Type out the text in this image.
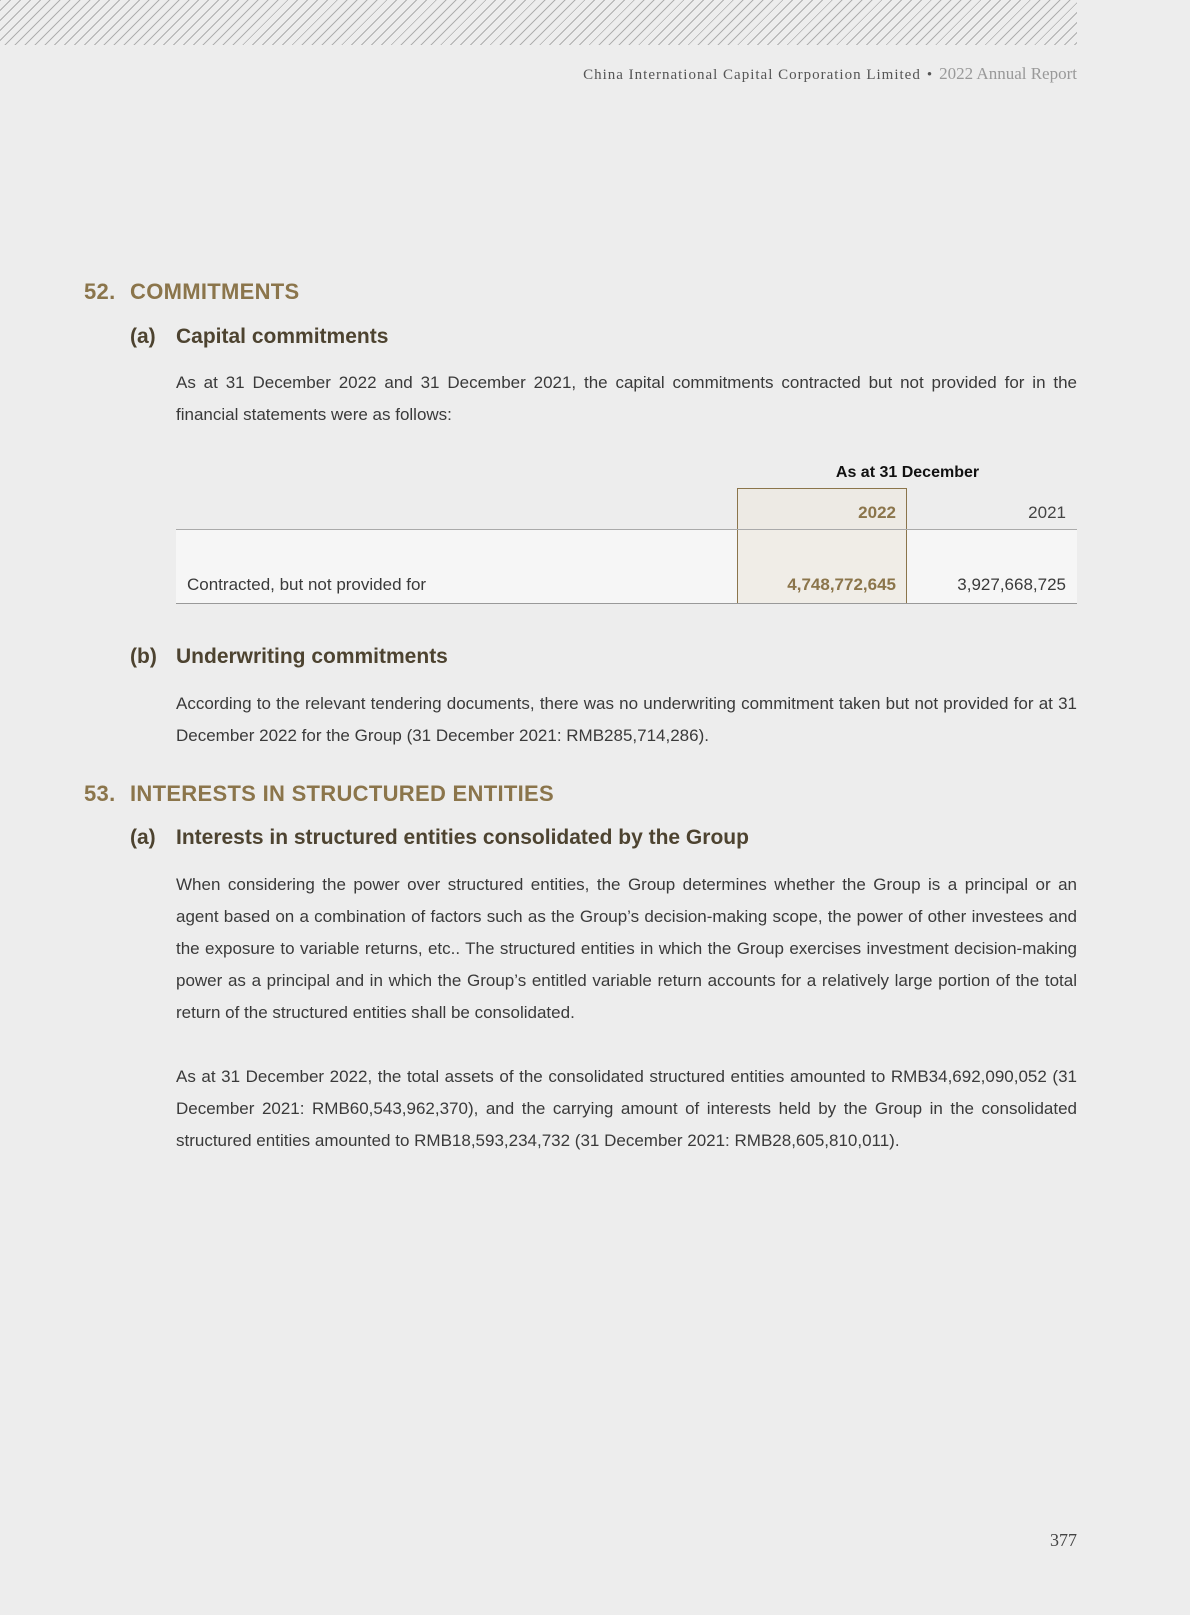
China International Capital Corporation Limited • 2022 Annual Report
52. COMMITMENTS
(a) Capital commitments

As at 31 December 2022 and 31 December 2021, the capital commitments contracted but not provided for in the financial statements were as follows:

As at 31 December
2022	2021
Contracted, but not provided for	4,748,772,645	3,927,668,725
(b) Underwriting commitments

According to the relevant tendering documents, there was no underwriting commitment taken but not provided for at 31 December 2022 for the Group (31 December 2021: RMB285,714,286).

53. INTERESTS IN STRUCTURED ENTITIES
(a) Interests in structured entities consolidated by the Group

When considering the power over structured entities, the Group determines whether the Group is a principal or an agent based on a combination of factors such as the Group’s decision-making scope, the power of other investees and the exposure to variable returns, etc.. The structured entities in which the Group exercises investment decision-making power as a principal and in which the Group’s entitled variable return accounts for a relatively large portion of the total return of the structured entities shall be consolidated.

As at 31 December 2022, the total assets of the consolidated structured entities amounted to RMB34,692,090,052 (31 December 2021: RMB60,543,962,370), and the carrying amount of interests held by the Group in the consolidated structured entities amounted to RMB18,593,234,732 (31 December 2021: RMB28,605,810,011).

377
